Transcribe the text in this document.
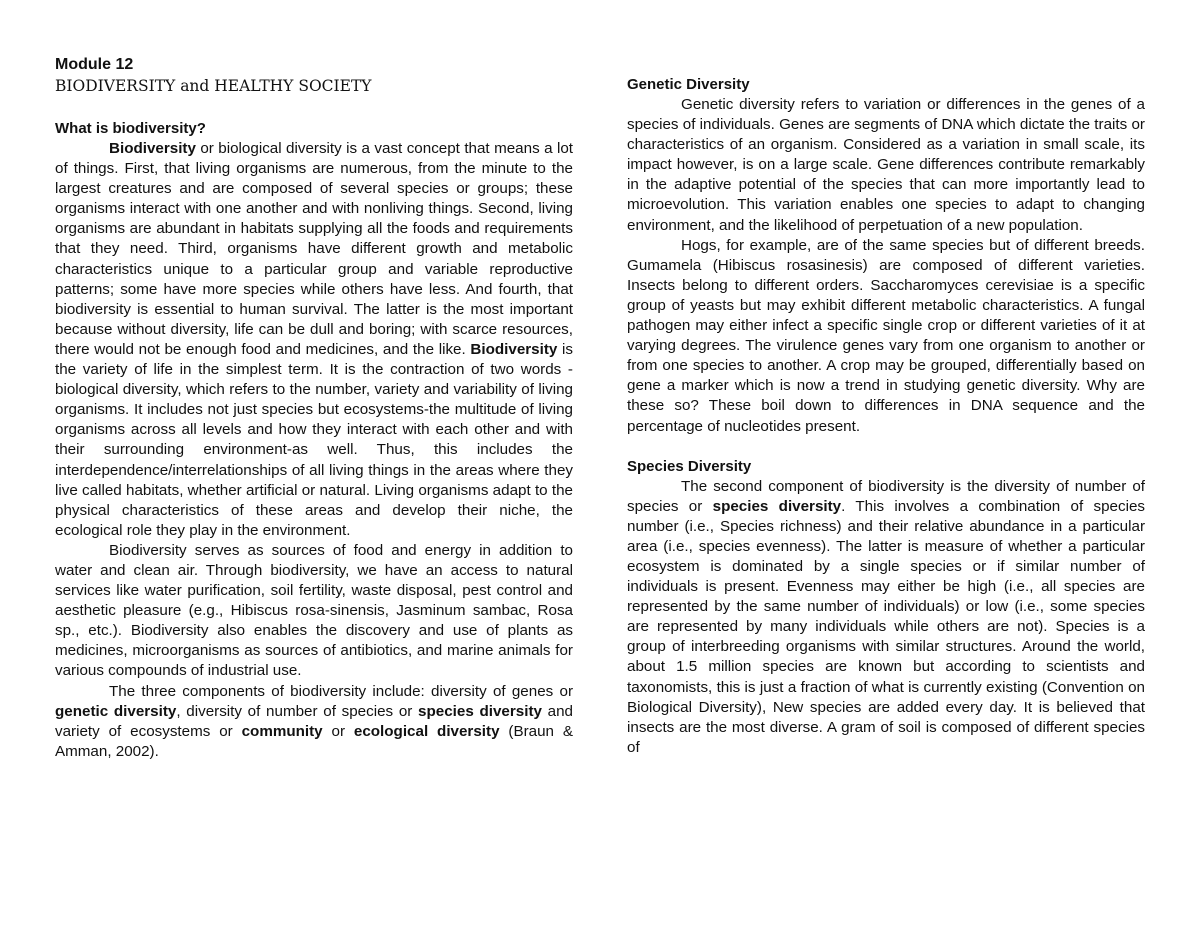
Module 12
BIODIVERSITY and HEALTHY SOCIETY
What is biodiversity?

Biodiversity or biological diversity is a vast concept that means a lot of things. First, that living organisms are numerous, from the minute to the largest creatures and are composed of several species or groups; these organisms interact with one another and with nonliving things. Second, living organisms are abundant in habitats supplying all the foods and requirements that they need. Third, organisms have different growth and metabolic characteristics unique to a particular group and variable reproductive patterns; some have more species while others have less. And fourth, that biodiversity is essential to human survival. The latter is the most important because without diversity, life can be dull and boring; with scarce resources, there would not be enough food and medicines, and the like. Biodiversity is the variety of life in the simplest term. It is the contraction of two words - biological diversity, which refers to the number, variety and variability of living organisms. It includes not just species but ecosystems-the multitude of living organisms across all levels and how they interact with each other and with their surrounding environment-as well. Thus, this includes the interdependence/interrelationships of all living things in the areas where they live called habitats, whether artificial or natural. Living organisms adapt to the physical characteristics of these areas and develop their niche, the ecological role they play in the environment.

Biodiversity serves as sources of food and energy in addition to water and clean air. Through biodiversity, we have an access to natural services like water purification, soil fertility, waste disposal, pest control and aesthetic pleasure (e.g., Hibiscus rosa-sinensis, Jasminum sambac, Rosa sp., etc.). Biodiversity also enables the discovery and use of plants as medicines, microorganisms as sources of antibiotics, and marine animals for various compounds of industrial use.

The three components of biodiversity include: diversity of genes or genetic diversity, diversity of number of species or species diversity and variety of ecosystems or community or ecological diversity (Braun & Amman, 2002).

Genetic Diversity

Genetic diversity refers to variation or differences in the genes of a species of individuals. Genes are segments of DNA which dictate the traits or characteristics of an organism. Considered as a variation in small scale, its impact however, is on a large scale. Gene differences contribute remarkably in the adaptive potential of the species that can more importantly lead to microevolution. This variation enables one species to adapt to changing environment, and the likelihood of perpetuation of a new population.

Hogs, for example, are of the same species but of different breeds. Gumamela (Hibiscus rosasinesis) are composed of different varieties. Insects belong to different orders. Saccharomyces cerevisiae is a specific group of yeasts but may exhibit different metabolic characteristics. A fungal pathogen may either infect a specific single crop or different varieties of it at varying degrees. The virulence genes vary from one organism to another or from one species to another. A crop may be grouped, differentially based on gene a marker which is now a trend in studying genetic diversity. Why are these so? These boil down to differences in DNA sequence and the percentage of nucleotides present.

Species Diversity

The second component of biodiversity is the diversity of number of species or species diversity. This involves a combination of species number (i.e., Species richness) and their relative abundance in a particular area (i.e., species evenness). The latter is measure of whether a particular ecosystem is dominated by a single species or if similar number of individuals is present. Evenness may either be high (i.e., all species are represented by the same number of individuals) or low (i.e., some species are represented by many individuals while others are not). Species is a group of interbreeding organisms with similar structures. Around the world, about 1.5 million species are known but according to scientists and taxonomists, this is just a fraction of what is currently existing (Convention on Biological Diversity), New species are added every day. It is believed that insects are the most diverse. A gram of soil is composed of different species of
